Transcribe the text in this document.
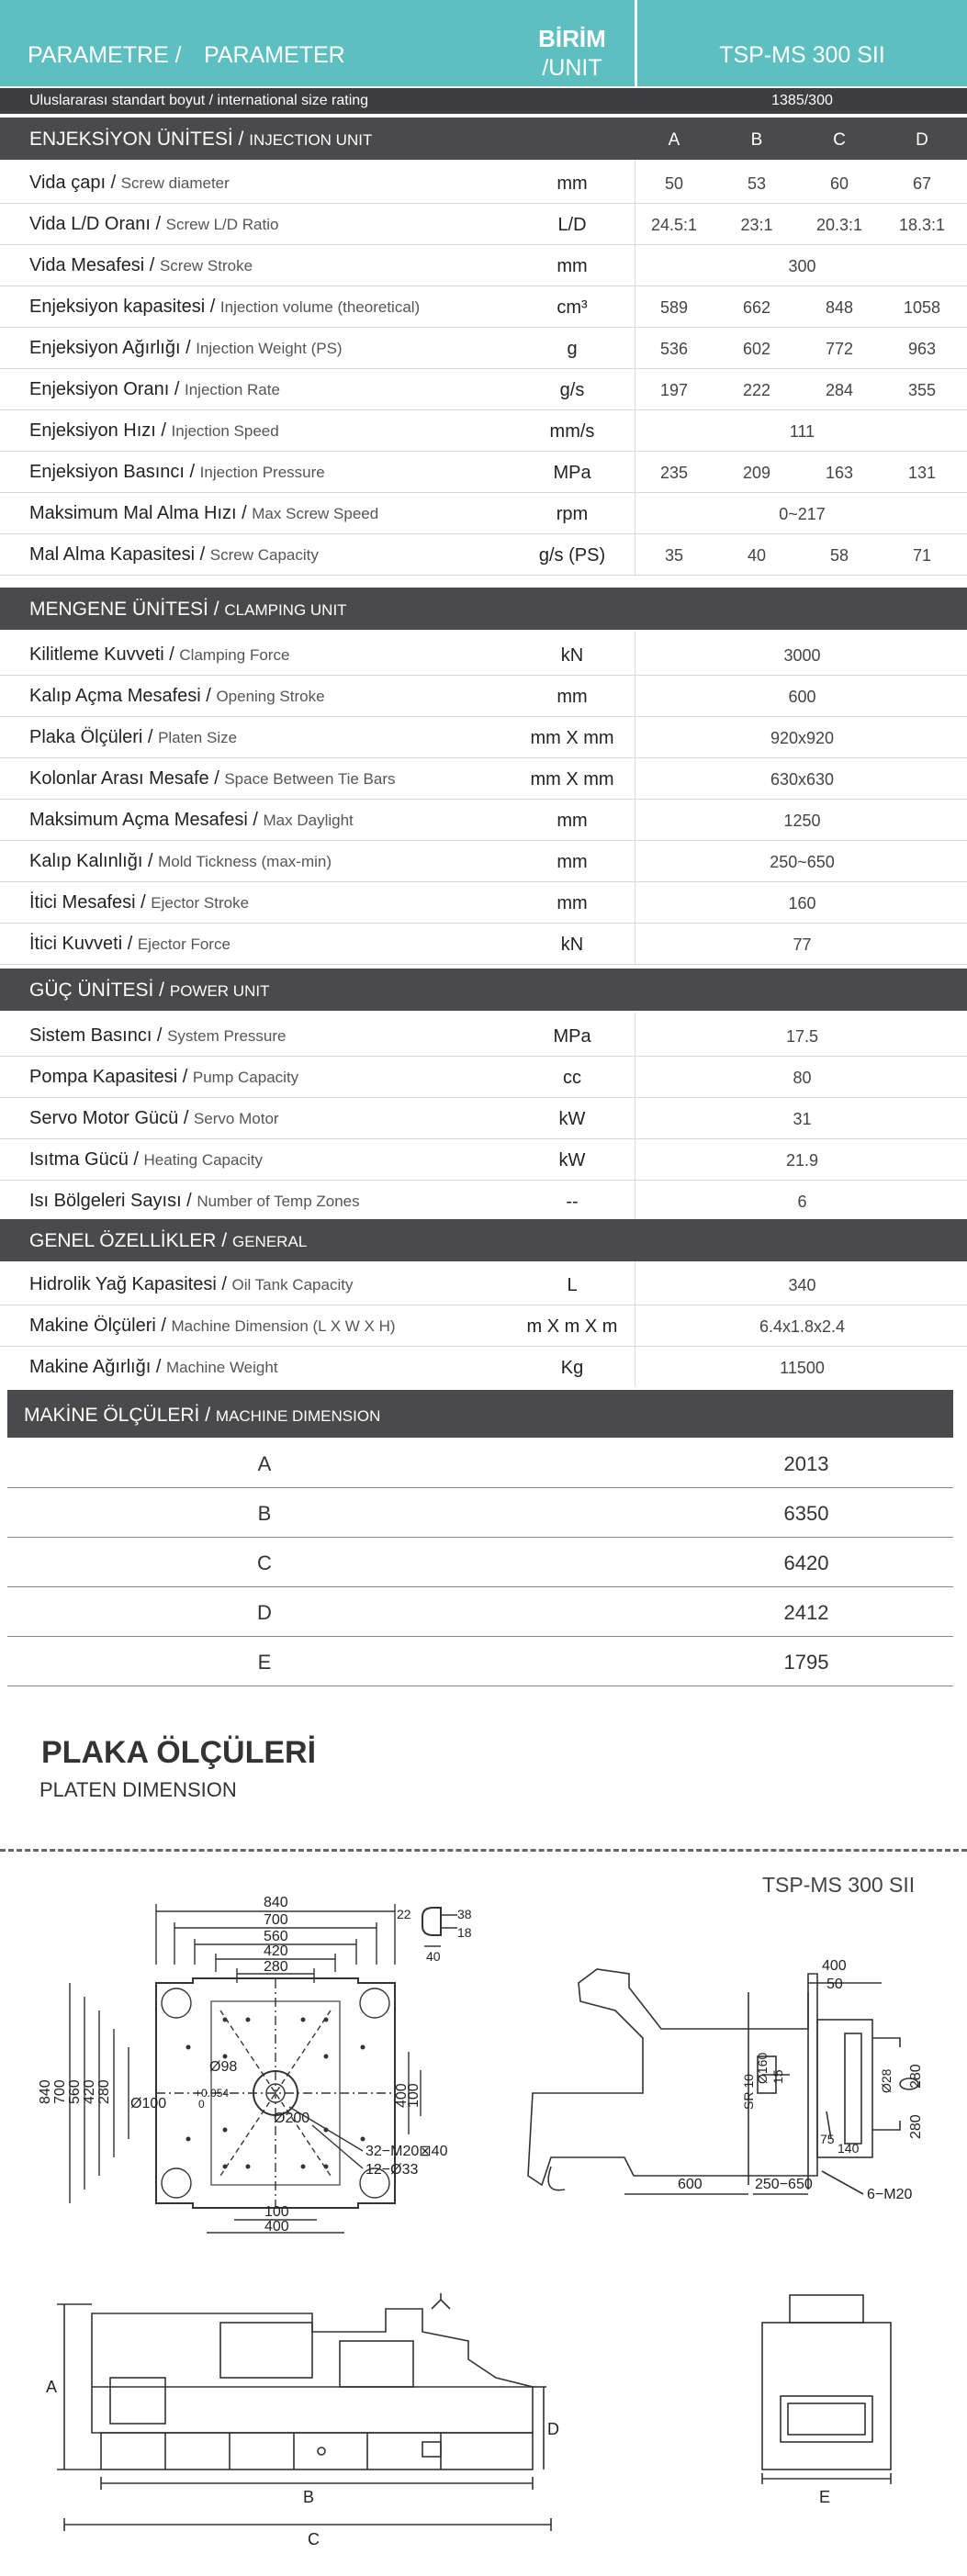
PARAMETRE / PARAMETER
BİRİM
/UNIT	TSP-MS 300 SII
Uluslararası standart boyut / international size rating	1385/300
ENJEKSİYON ÜNİTESİ / INJECTION UNIT	A	B	C	D
Vida çapı / Screw diameter	mm	50	53	60	67
Vida L/D Oranı / Screw L/D Ratio	L/D	24.5:1	23:1	20.3:1	18.3:1
Vida Mesafesi / Screw Stroke	mm	300
Enjeksiyon kapasitesi / Injection volume (theoretical)	cm³	589	662	848	1058
Enjeksiyon Ağırlığı / Injection Weight (PS)	g	536	602	772	963
Enjeksiyon Oranı / Injection Rate	g/s	197	222	284	355
Enjeksiyon Hızı / Injection Speed	mm/s	111
Enjeksiyon Basıncı / Injection Pressure	MPa	235	209	163	131
Maksimum Mal Alma Hızı / Max Screw Speed	rpm	0~217
Mal Alma Kapasitesi / Screw Capacity	g/s (PS)	35	40	58	71
MENGENE ÜNİTESİ / CLAMPING UNIT
Kilitleme Kuvveti / Clamping Force	kN	3000
Kalıp Açma Mesafesi / Opening Stroke	mm	600
Plaka Ölçüleri / Platen Size	mm X mm	920x920
Kolonlar Arası Mesafe / Space Between Tie Bars	mm X mm	630x630
Maksimum Açma Mesafesi / Max Daylight	mm	1250
Kalıp Kalınlığı / Mold Tickness (max-min)	mm	250~650
İtici Mesafesi / Ejector Stroke	mm	160
İtici Kuvveti / Ejector Force	kN	77
GÜÇ ÜNİTESİ / POWER UNIT
Sistem Basıncı / System Pressure	MPa	17.5
Pompa Kapasitesi / Pump Capacity	cc	80
Servo Motor Gücü / Servo Motor	kW	31
Isıtma Gücü / Heating Capacity	kW	21.9
Isı Bölgeleri Sayısı / Number of Temp Zones	--	6
GENEL ÖZELLİKLER / GENERAL
Hidrolik Yağ Kapasitesi / Oil Tank Capacity	L	340
Makine Ölçüleri / Machine Dimension (L X W X H)	m X m X m	6.4x1.8x2.4
Makine Ağırlığı / Machine Weight	Kg	11500
MAKİNE ÖLÇÜLERİ / MACHINE DIMENSION
A	2013
B	6350
C	6420
D	2412
E	1795
PLAKA ÖLÇÜLERİ
PLATEN DIMENSION
TSP-MS 300 SII
840
700
560
420
280
840 700 560 420 280
Ø98
Ø100
+0.054
0
Ø200
400
100
100
400
32−M20⊠40
12−Ø33
22
18
38
40
400
50
Ø160 15
SR 10	Ø28 280
280
75
140
6−M20
600	250−650
A
B
C
D
E
